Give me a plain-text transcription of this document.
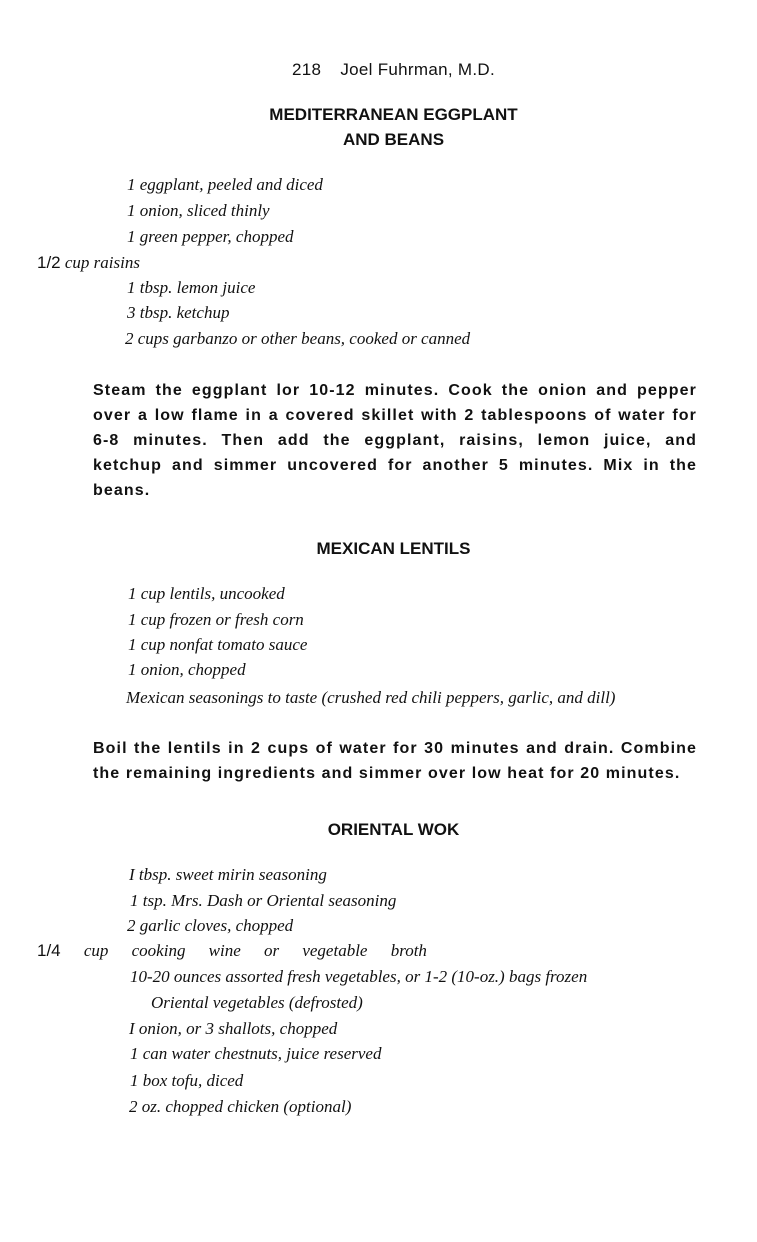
218 Joel Fuhrman, M.D.
MEDITERRANEAN EGGPLANT
AND BEANS
1 eggplant, peeled and diced
1 onion, sliced thinly
1 green pepper, chopped
1/2 cup raisins
1 tbsp. lemon juice
3 tbsp. ketchup
2 cups garbanzo or other beans, cooked or canned
Steam the eggplant lor 10-12 minutes. Cook the onion and pepper over a low flame in a covered skillet with 2 tablespoons of water for 6-8 minutes. Then add the eggplant, raisins, lemon juice, and ketchup and simmer uncovered for another 5 minutes. Mix in the beans.
MEXICAN LENTILS
1 cup lentils, uncooked
1 cup frozen or fresh corn
1 cup nonfat tomato sauce
1 onion, chopped
Mexican seasonings to taste (crushed red chili peppers, garlic, and dill)
Boil the lentils in 2 cups of water for 30 minutes and drain. Combine the remaining ingredients and simmer over low heat for 20 minutes.
ORIENTAL WOK
I tbsp. sweet mirin seasoning
1 tsp. Mrs. Dash or Oriental seasoning
2 garlic cloves, chopped
1/4 cup cooking wine or vegetable broth
10-20 ounces assorted fresh vegetables, or 1-2 (10-oz.) bags frozen
Oriental vegetables (defrosted)
I onion, or 3 shallots, chopped
1 can water chestnuts, juice reserved
1 box tofu, diced
2 oz. chopped chicken (optional)
